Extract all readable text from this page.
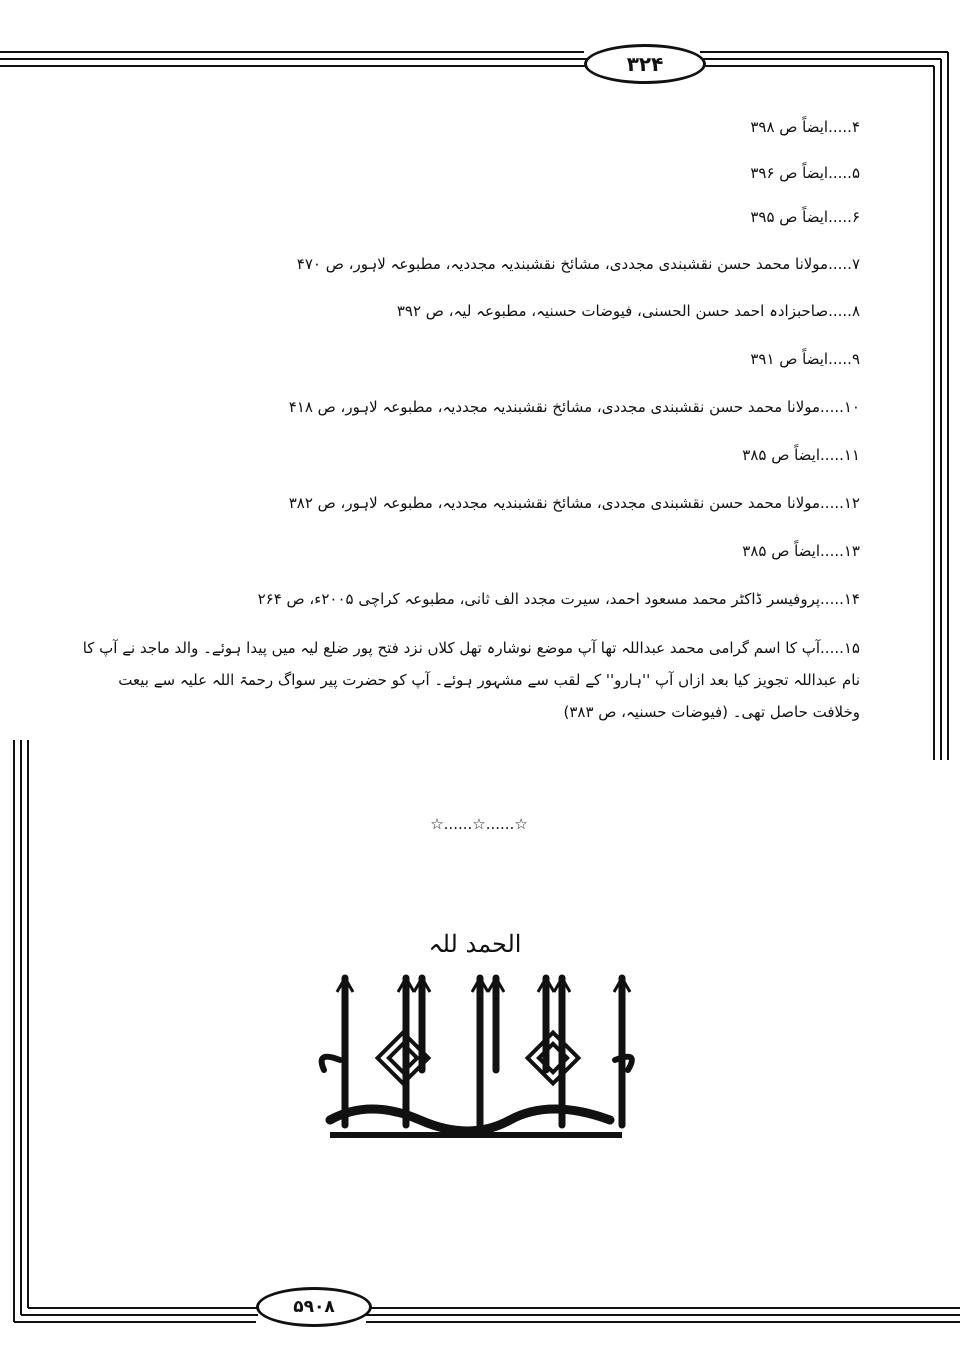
۳۲۴
۴.....ایضاً ص ۳۹۸
۵.....ایضاً ص ۳۹۶
۶.....ایضاً ص ۳۹۵
۷.....مولانا محمد حسن نقشبندی مجددی، مشائخ نقشبندیہ مجددیہ، مطبوعہ لاہور، ص ۴۷۰
۸.....صاحبزادہ احمد حسن الحسنی، فیوضات حسنیہ، مطبوعہ لیہ، ص ۳۹۲
۹.....ایضاً ص ۳۹۱
۱۰.....مولانا محمد حسن نقشبندی مجددی، مشائخ نقشبندیہ مجددیہ، مطبوعہ لاہور، ص ۴۱۸
۱۱.....ایضاً ص ۳۸۵
۱۲.....مولانا محمد حسن نقشبندی مجددی، مشائخ نقشبندیہ مجددیہ، مطبوعہ لاہور، ص ۳۸۲
۱۳.....ایضاً ص ۳۸۵
۱۴.....پروفیسر ڈاکٹر محمد مسعود احمد، سیرت مجدد الف ثانی، مطبوعہ کراچی ۲۰۰۵ء، ص ۲۶۴
۱۵.....آپ کا اسم گرامی محمد عبداللہ تھا آپ موضع نوشارہ تھل کلاں نزد فتح پور ضلع لیہ میں پیدا ہوئے۔ والد ماجد نے آپ کا نام عبداللہ تجویز کیا بعد ازاں آپ ''ہارو'' کے لقب سے مشہور ہوئے۔ آپ کو حضرت پیر سواگ رحمۃ اللہ علیہ سے بیعت وخلافت حاصل تھی۔ (فیوضات حسنیہ، ص ۳۸۳)
☆......☆......☆
الحمد للہ
۵۹۰۸
